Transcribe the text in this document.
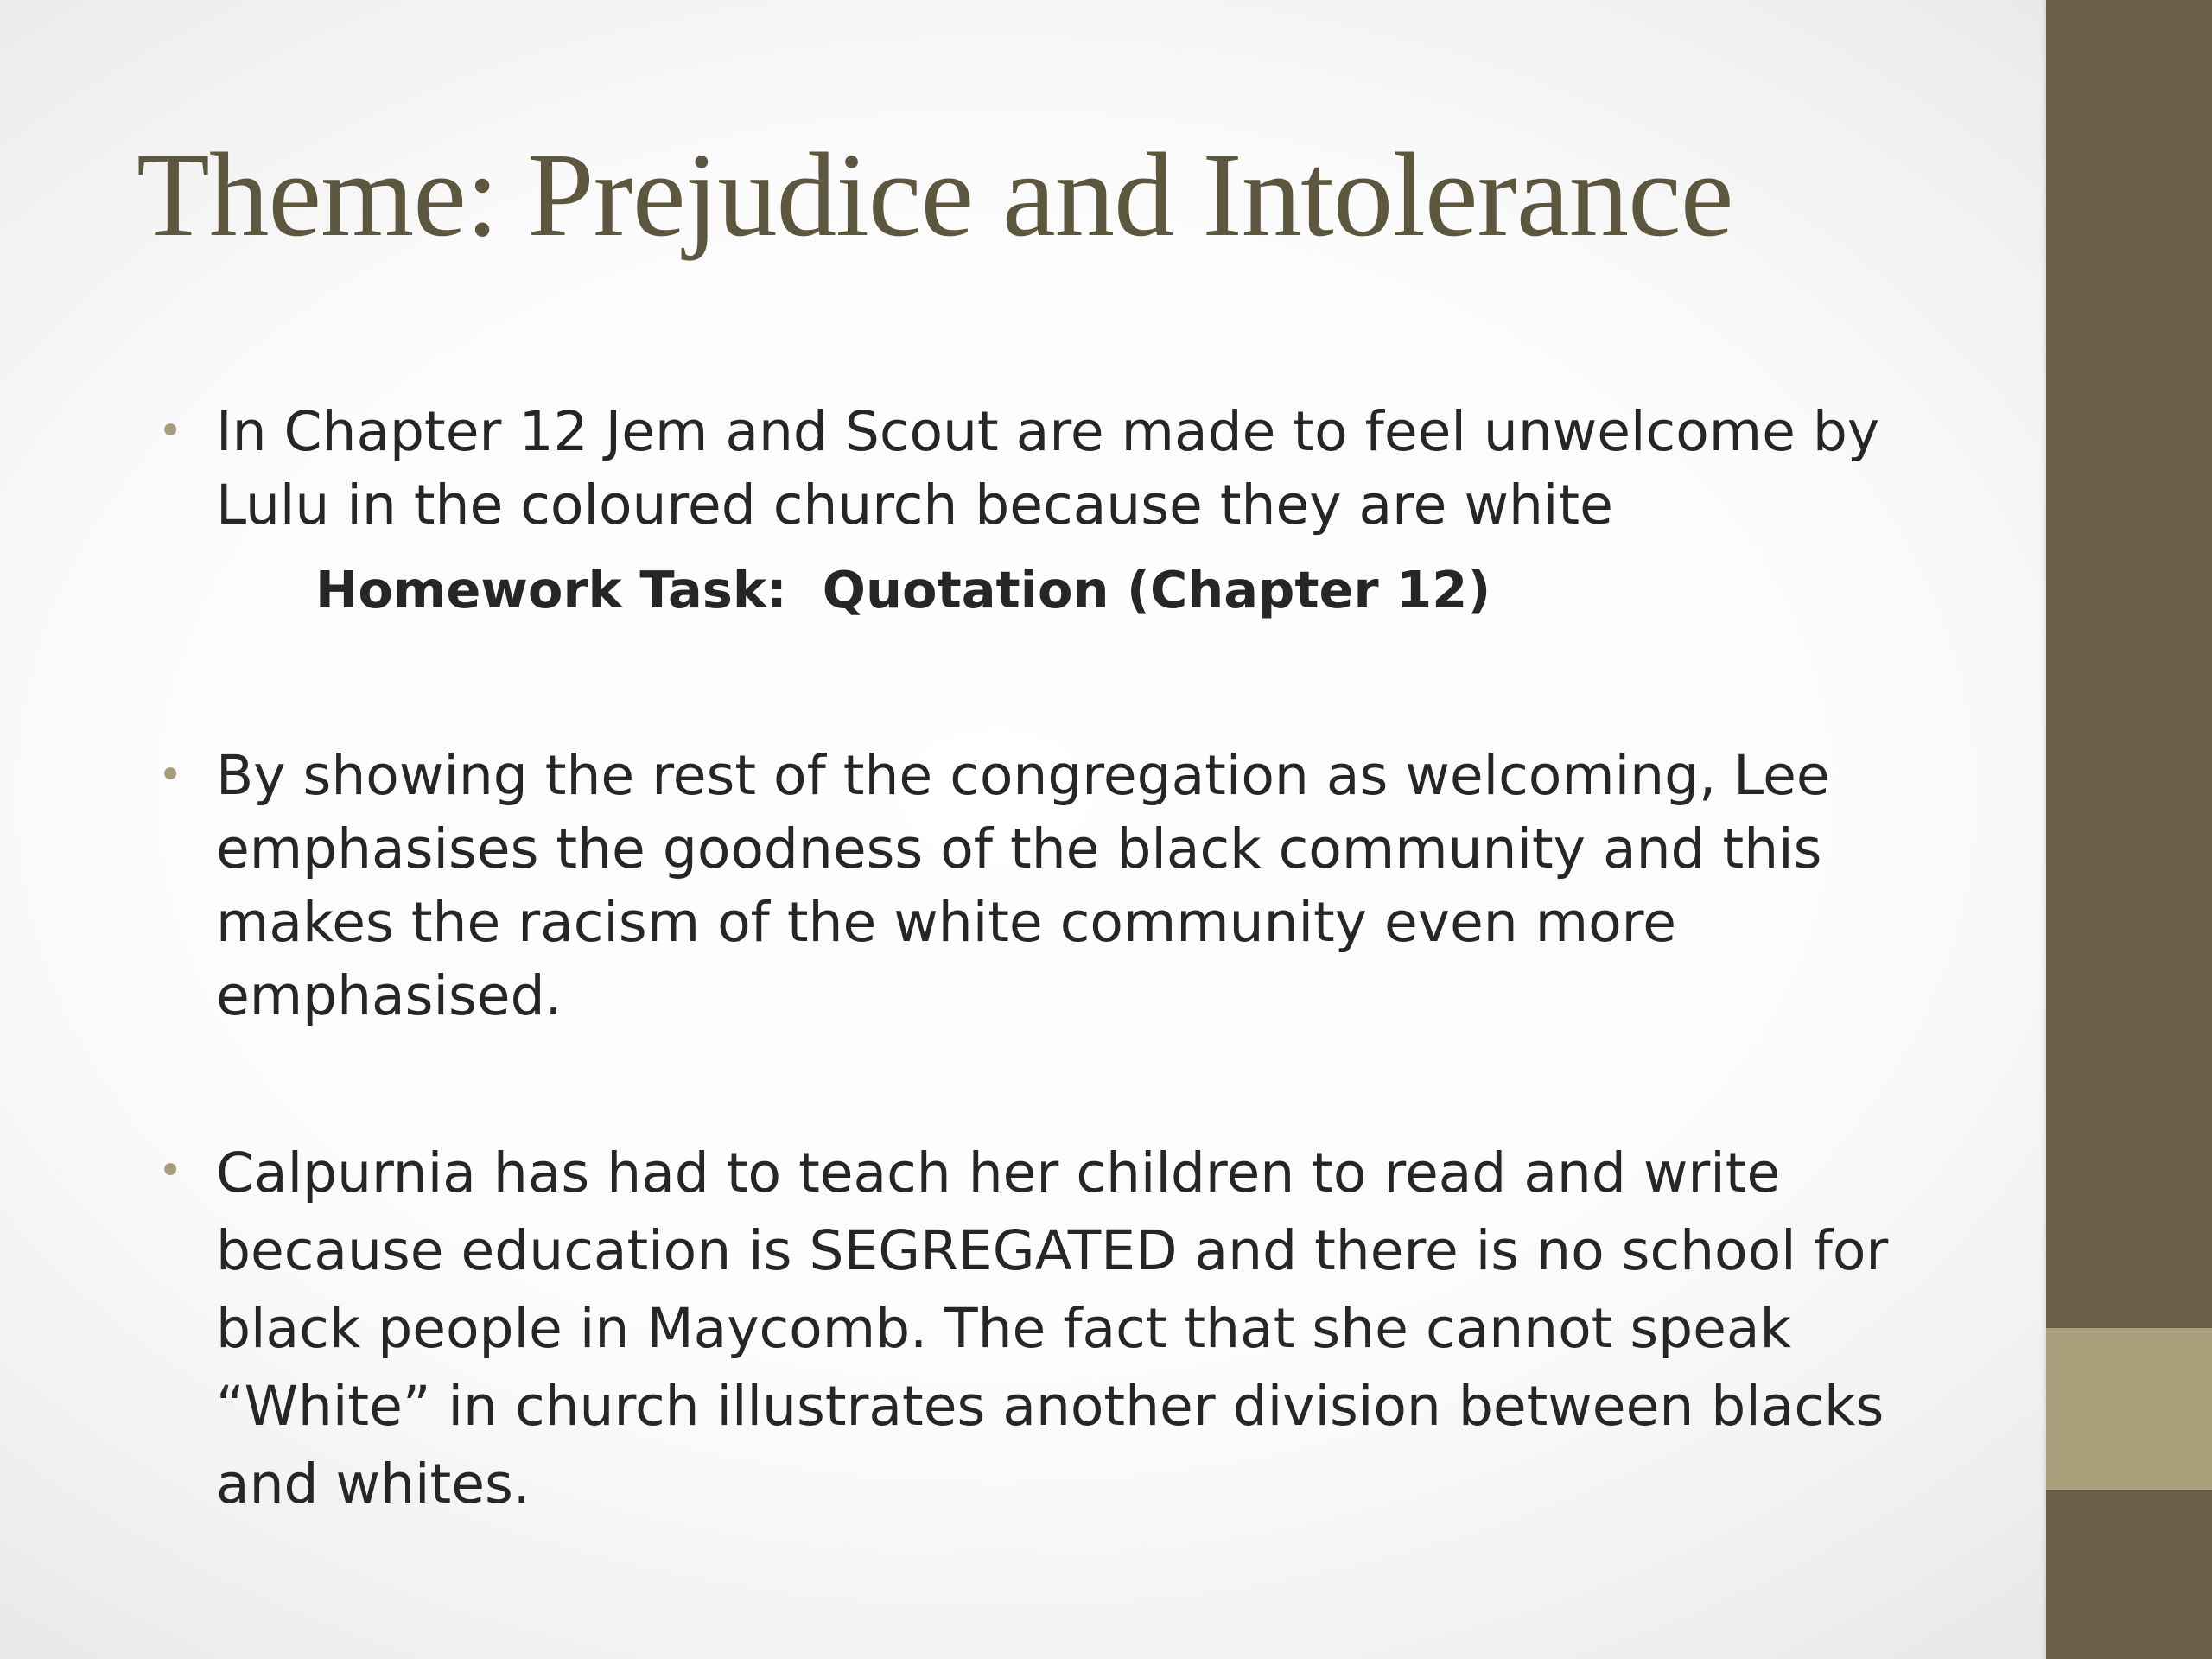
Theme: Prejudice and Intolerance
• In Chapter 12 Jem and Scout are made to feel unwelcome by Lulu in the coloured church because they are white

Homework Task:  Quotation (Chapter 12)

• By showing the rest of the congregation as welcoming, Lee emphasises the goodness of the black community and this makes the racism of the white community even more emphasised.

• Calpurnia has had to teach her children to read and write because education is SEGREGATED and there is no school for black people in Maycomb. The fact that she cannot speak “White” in church illustrates another division between blacks and whites.
